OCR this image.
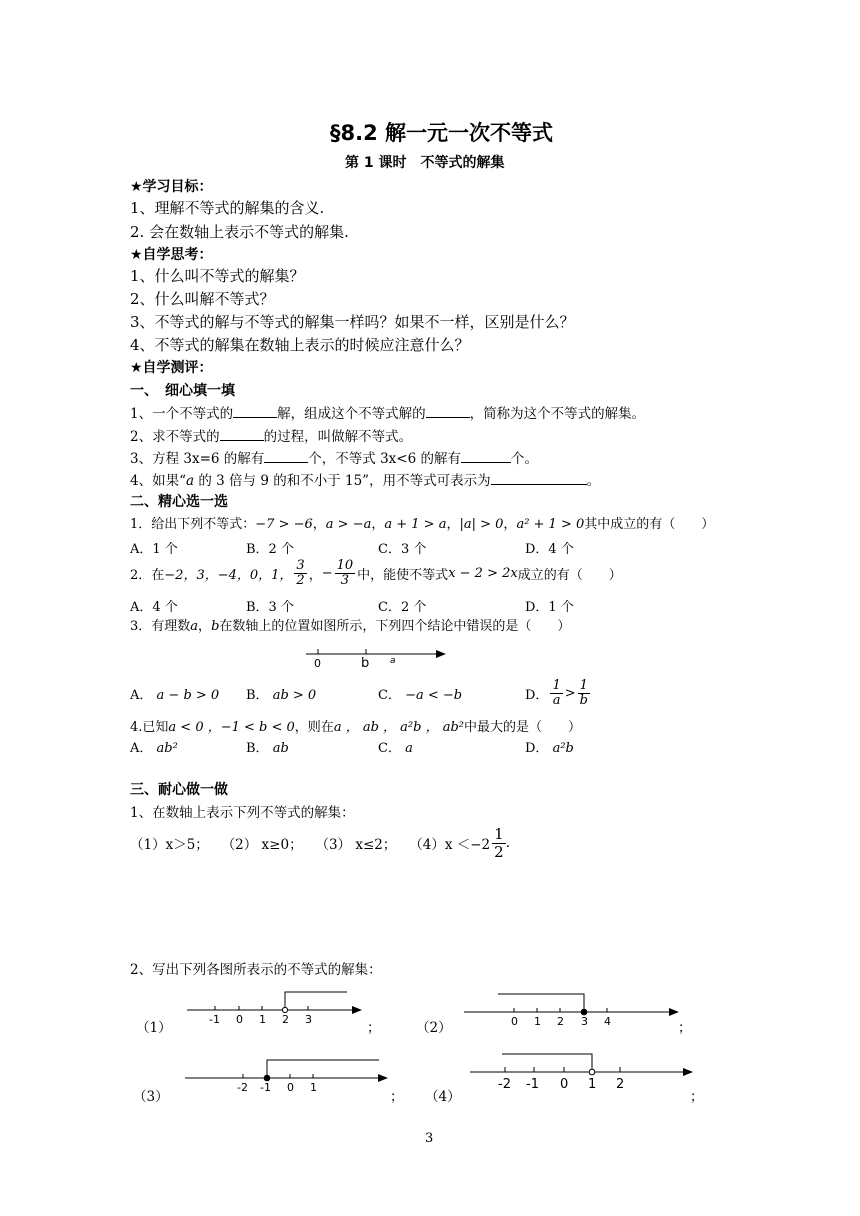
§8.2 解一元一次不等式
第 1 课时　不等式的解集
★学习目标：
1、理解不等式的解集的含义.
2. 会在数轴上表示不等式的解集.
★自学思考：
1、什么叫不等式的解集？
2、什么叫解不等式？
3、不等式的解与不等式的解集一样吗？如果不一样，区别是什么？
4、不等式的解集在数轴上表示的时候应注意什么？
★自学测评：
一、　细心填一填
1、一个不等式的	解，组成这个不等式解的	，简称为这个不等式的解集。
2、求不等式的	的过程，叫做解不等式。
3、方程 3x=6 的解有	个，不等式 3x<6 的解有	个。
4、如果“a 的 3 倍与 9 的和不小于 15”，用不等式可表示为	。
二、精心选一选
1．给出下列不等式：−7 > −6，a > −a，a + 1 > a，|a| > 0，a² + 1 > 0其中成立的有（　　）
A．1 个	B．2 个	C．3 个	D．4 个
2．在 −2，3，−4，0，1， $\frac{3}{2}$ ， − $\frac{10}{3}$ 中，能使不等式 x − 2 > 2x 成立的有（　　）
A．4 个	B．3 个	C．2 个	D．1 个
3．有理数a，b在数轴上的位置如图所示，下列四个结论中错误的是（　　）
0	b a
A． a − b > 0 B． ab > 0	C． −a < −b	D． $\frac{1}{a} > \frac{1}{b}$
4.已知a < 0 ，−1 < b < 0，则在a ， ab ， a²b ， ab²中最大的是（　　）
A． ab²	B． ab	C． a	D． a²b
三、耐心做一做
1、在数轴上表示下列不等式的解集：
（1）x＞5；
（2） x≥0；
（3） x≤2；
（4）x ＜−2
1
2 .
2、写出下列各图所表示的不等式的解集：
（1）
-1 0 1 2 3
；	（2）	0 1 2 3 4	；
（3）
-2 -1 0 1
； （4）
-2 -1 0 1 2
；
3
